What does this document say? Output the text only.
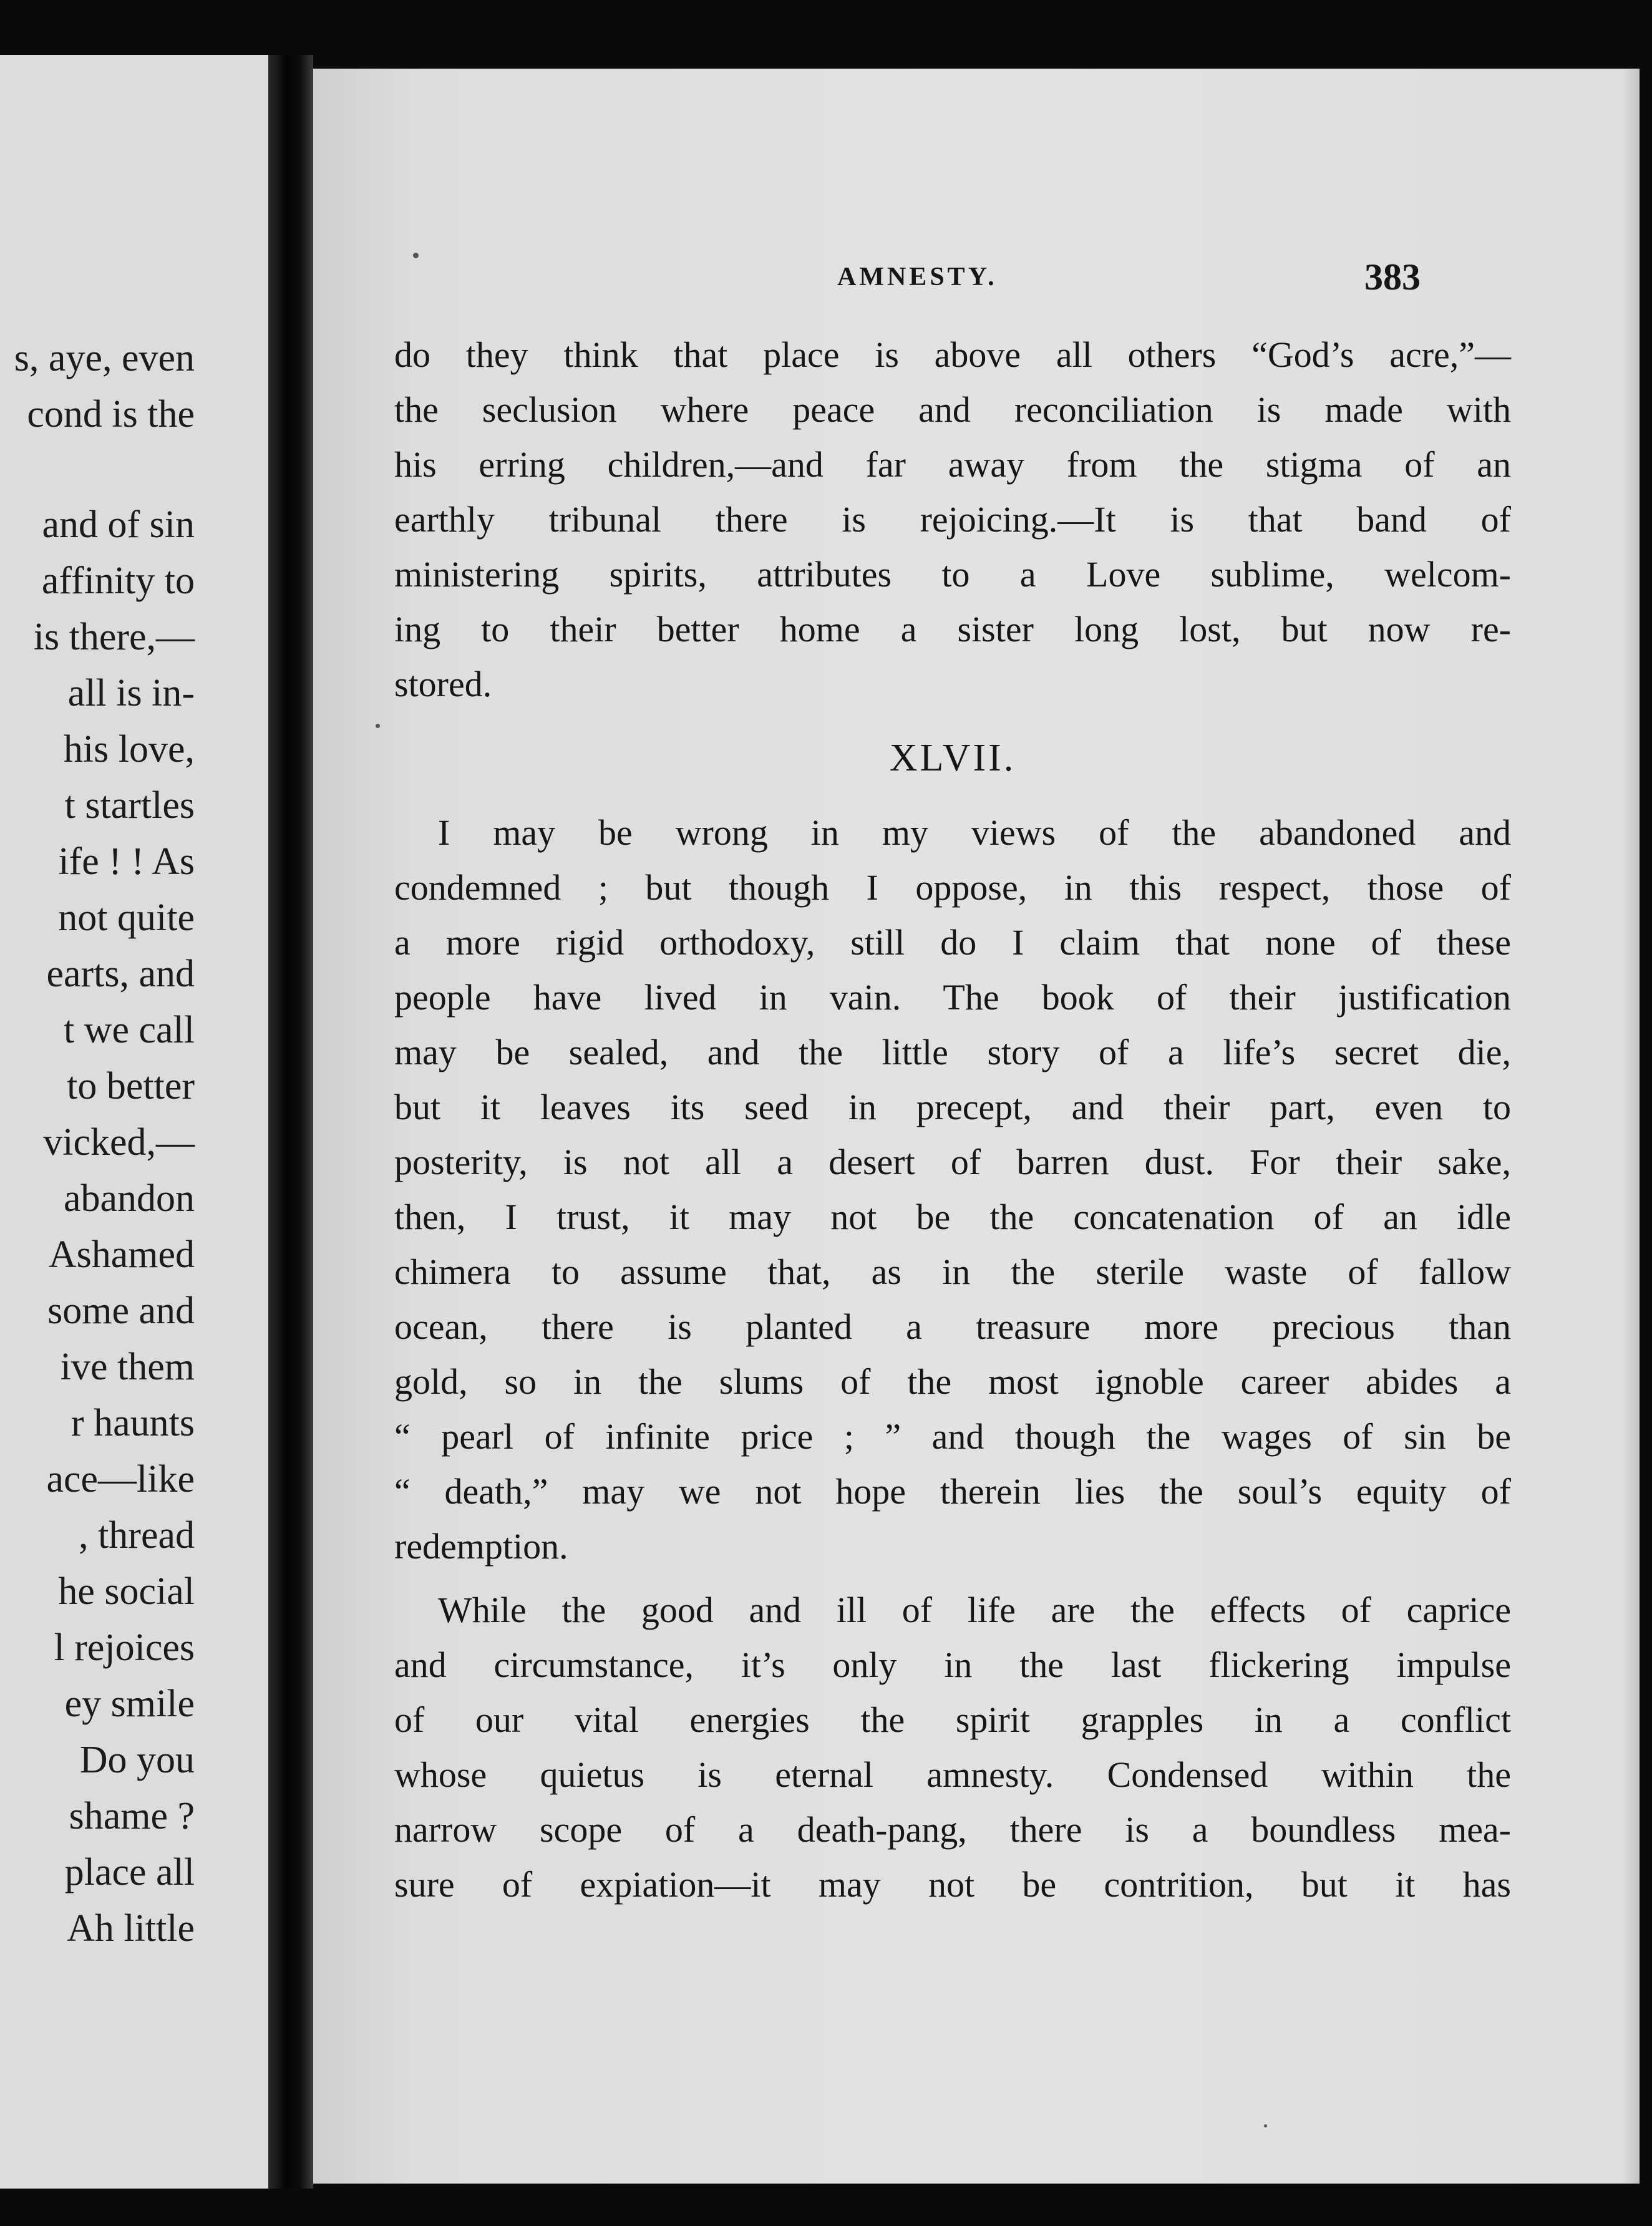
s, aye, even
cond is the
and of sin
affinity to
is there,—
all is in-
his love,
t startles
ife ! ! As
not quite
earts, and
t we call
to better
vicked,—
abandon
Ashamed
some and
ive them
r haunts
ace—like
, thread
he social
l rejoices
ey smile
Do you
shame ?
place all
Ah little
AMNESTY.	383
do they think that place is above all others “God’s acre,”—
the seclusion where peace and reconciliation is made with
his erring children,—and far away from the stigma of an
earthly tribunal there is rejoicing.—It is that band of
ministering spirits, attributes to a Love sublime, welcom-
ing to their better home a sister long lost, but now re-
stored.
XLVII.
I may be wrong in my views of the abandoned and
condemned ; but though I oppose, in this respect, those of
a more rigid orthodoxy, still do I claim that none of these
people have lived in vain. The book of their justification
may be sealed, and the little story of a life’s secret die,
but it leaves its seed in precept, and their part, even to
posterity, is not all a desert of barren dust. For their sake,
then, I trust, it may not be the concatenation of an idle
chimera to assume that, as in the sterile waste of fallow
ocean, there is planted a treasure more precious than
gold, so in the slums of the most ignoble career abides a
“ pearl of infinite price ; ” and though the wages of sin be
“ death,” may we not hope therein lies the soul’s equity of
redemption.
While the good and ill of life are the effects of caprice
and circumstance, it’s only in the last flickering impulse
of our vital energies the spirit grapples in a conflict
whose quietus is eternal amnesty. Condensed within the
narrow scope of a death-pang, there is a boundless mea-
sure of expiation—it may not be contrition, but it has
